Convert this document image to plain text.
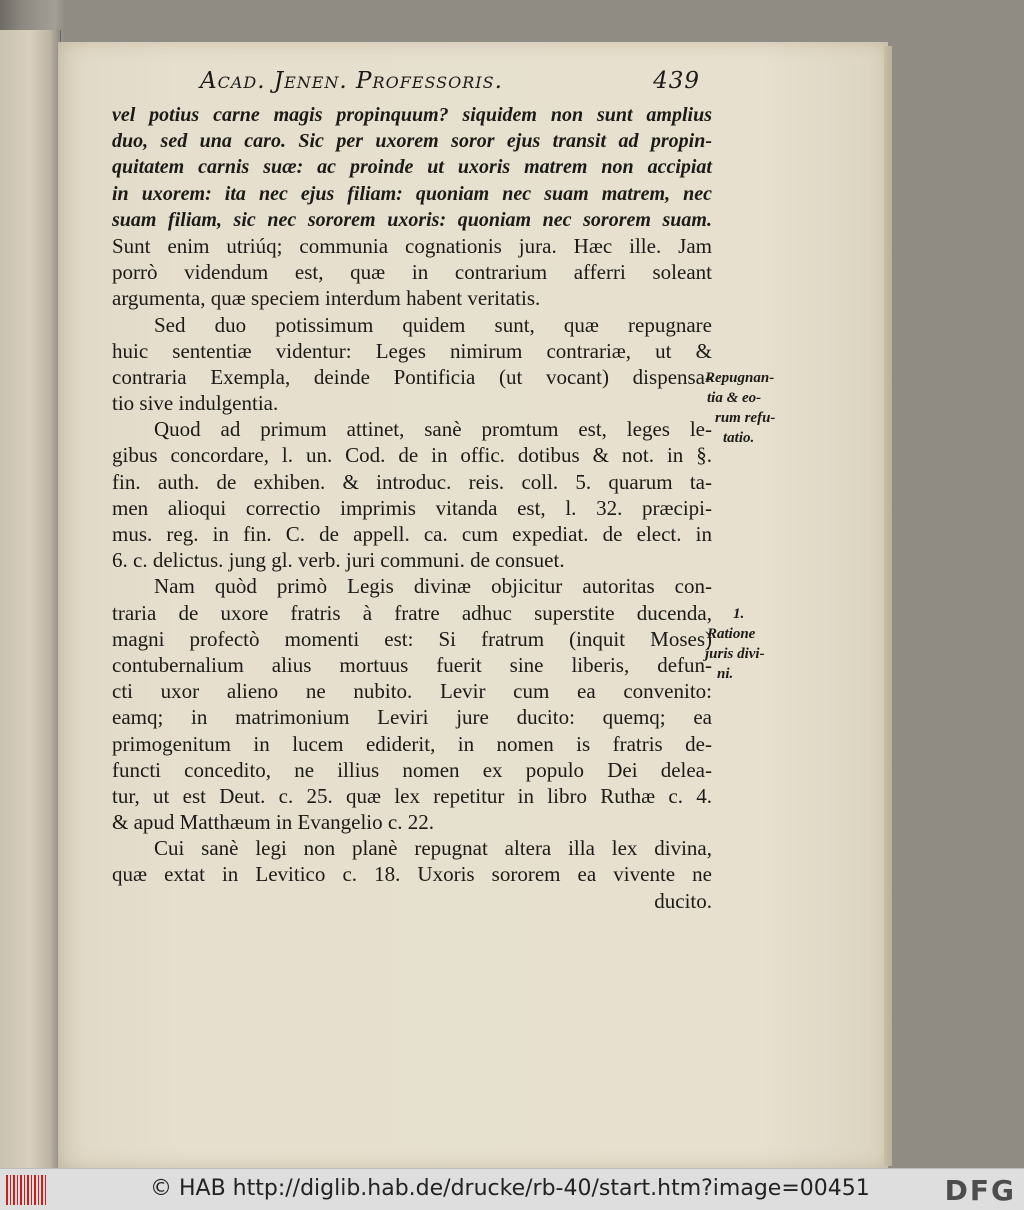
Acad. Jenen. Professoris.	439
vel potius carne magis propinquum? siquidem non sunt amplius
duo, sed una caro. Sic per uxorem soror ejus transit ad propin-
quitatem carnis suæ: ac proinde ut uxoris matrem non accipiat
in uxorem: ita nec ejus filiam: quoniam nec suam matrem, nec
suam filiam, sic nec sororem uxoris: quoniam nec sororem suam.
Sunt enim utriúq; communia cognationis jura. Hæc ille. Jam
porrò videndum est, quæ in contrarium afferri soleant
argumenta, quæ speciem interdum habent veritatis.
Sed duo potissimum quidem sunt, quæ repugnare
huic sententiæ videntur: Leges nimirum contrariæ, ut &
contraria Exempla, deinde Pontificia (ut vocant) dispensa-
tio sive indulgentia.
Quod ad primum attinet, sanè promtum est, leges le-
gibus concordare, l. un. Cod. de in offic. dotibus & not. in §.
fin. auth. de exhiben. & introduc. reis. coll. 5. quarum ta-
men alioqui correctio imprimis vitanda est, l. 32. præcipi-
mus. reg. in fin. C. de appell. ca. cum expediat. de elect. in
6. c. delictus. jung gl. verb. juri communi. de consuet.
Nam quòd primò Legis divinæ objicitur autoritas con-
traria de uxore fratris à fratre adhuc superstite ducenda,
magni profectò momenti est: Si fratrum (inquit Moses)
contubernalium alius mortuus fuerit sine liberis, defun-
cti uxor alieno ne nubito. Levir cum ea convenito:
eamq; in matrimonium Leviri jure ducito: quemq; ea
primogenitum in lucem ediderit, in nomen is fratris de-
functi concedito, ne illius nomen ex populo Dei delea-
tur, ut est Deut. c. 25. quæ lex repetitur in libro Ruthæ c. 4.
& apud Matthæum in Evangelio c. 22.
Cui sanè legi non planè repugnat altera illa lex divina,
quæ extat in Levitico c. 18. Uxoris sororem ea vivente ne
ducito.
Repugnan-
tia & eo-
rum refu-
tatio.
1.
Ratione
juris divi-
ni.
© HAB http://diglib.hab.de/drucke/rb-40/start.htm?image=00451	DFG
